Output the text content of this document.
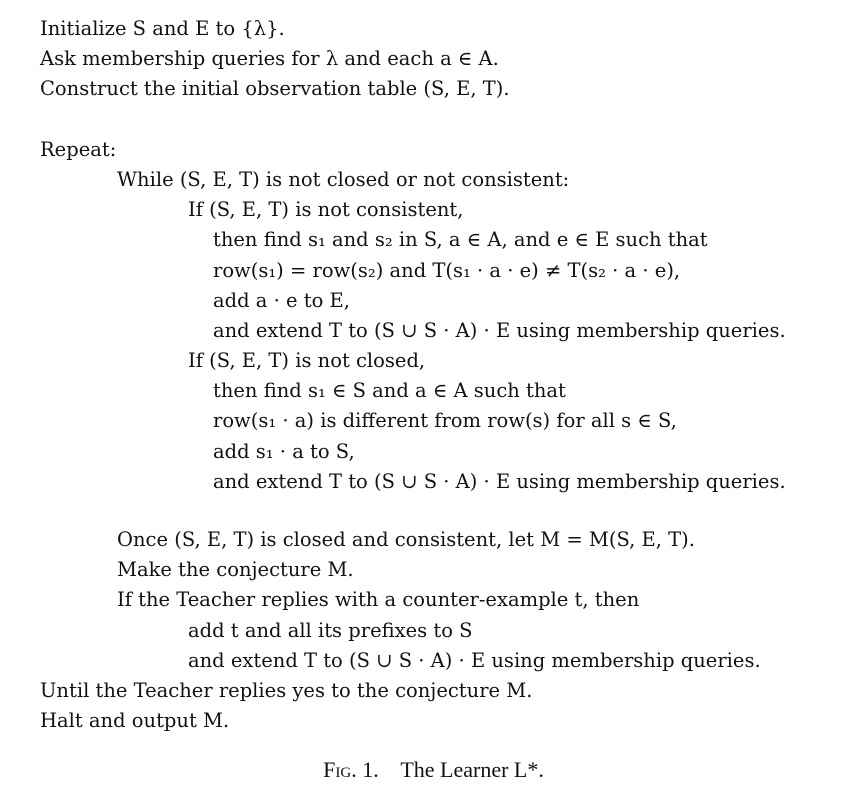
Initialize S and E to {λ}.
Ask membership queries for λ and each a ∈ A.
Construct the initial observation table (S, E, T).
Repeat:
While (S, E, T) is not closed or not consistent:
If (S, E, T) is not consistent,
then find s₁ and s₂ in S, a ∈ A, and e ∈ E such that
row(s₁) = row(s₂) and T(s₁ · a · e) ≠ T(s₂ · a · e),
add a · e to E,
and extend T to (S ∪ S · A) · E using membership queries.
If (S, E, T) is not closed,
then find s₁ ∈ S and a ∈ A such that
row(s₁ · a) is different from row(s) for all s ∈ S,
add s₁ · a to S,
and extend T to (S ∪ S · A) · E using membership queries.
Once (S, E, T) is closed and consistent, let M = M(S, E, T).
Make the conjecture M.
If the Teacher replies with a counter-example t, then
add t and all its prefixes to S
and extend T to (S ∪ S · A) · E using membership queries.
Until the Teacher replies yes to the conjecture M.
Halt and output M.
Fig. 1. The Learner L*.
